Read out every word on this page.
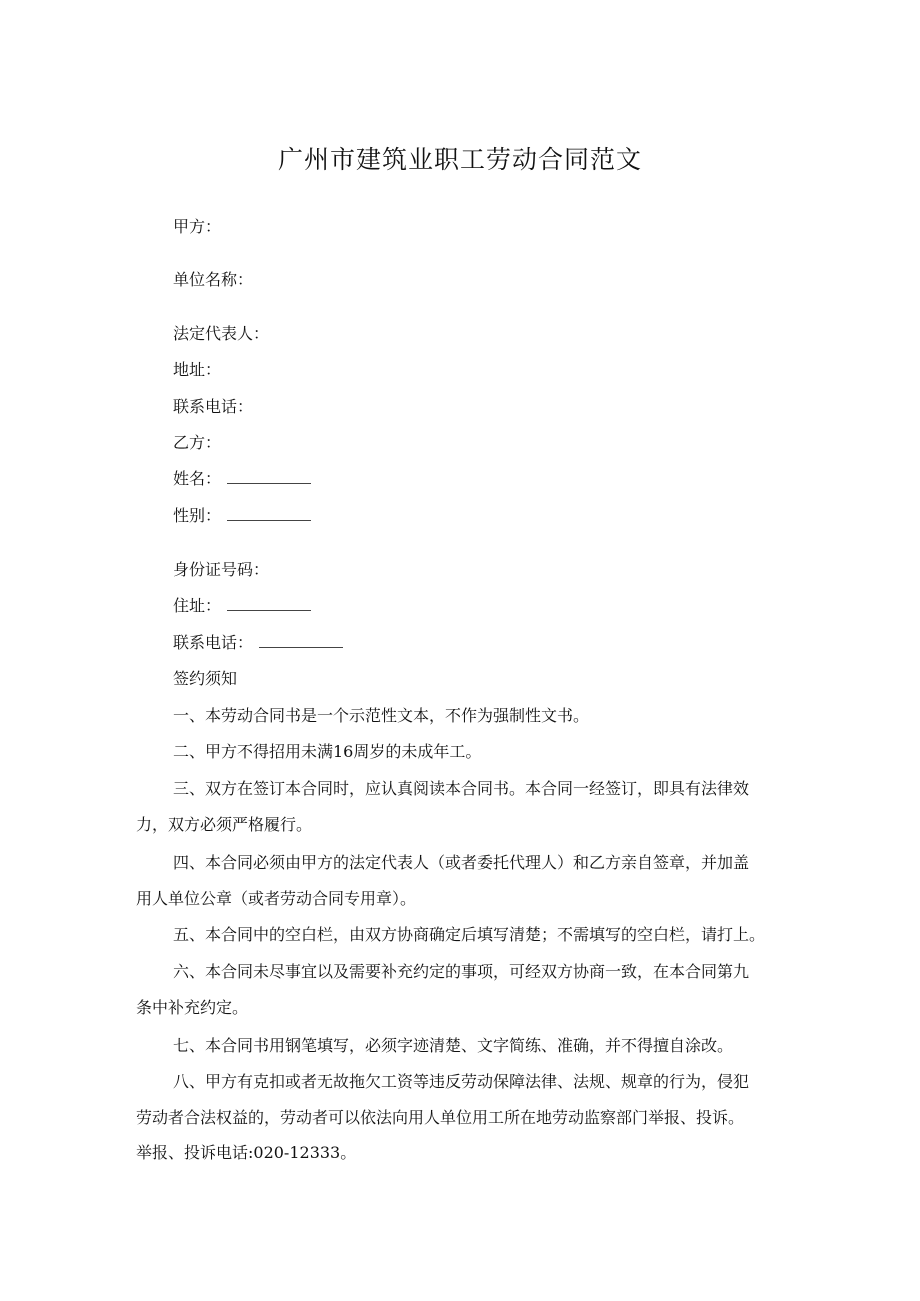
广州市建筑业职工劳动合同范文
甲方：
单位名称：
法定代表人：
地址：
联系电话：
乙方：
姓名：
性别：
身份证号码：
住址：
联系电话：
签约须知
一、本劳动合同书是一个示范性文本，不作为强制性文书。
二、甲方不得招用未满16周岁的未成年工。
三、双方在签订本合同时，应认真阅读本合同书。本合同一经签订，即具有法律效
力，双方必须严格履行。
四、本合同必须由甲方的法定代表人（或者委托代理人）和乙方亲自签章，并加盖
用人单位公章（或者劳动合同专用章）。
五、本合同中的空白栏，由双方协商确定后填写清楚；不需填写的空白栏，请打上。
六、本合同未尽事宜以及需要补充约定的事项，可经双方协商一致，在本合同第九
条中补充约定。
七、本合同书用钢笔填写，必须字迹清楚、文字简练、准确，并不得擅自涂改。
八、甲方有克扣或者无故拖欠工资等违反劳动保障法律、法规、规章的行为，侵犯
劳动者合法权益的，劳动者可以依法向用人单位用工所在地劳动监察部门举报、投诉。
举报、投诉电话:020-12333。
